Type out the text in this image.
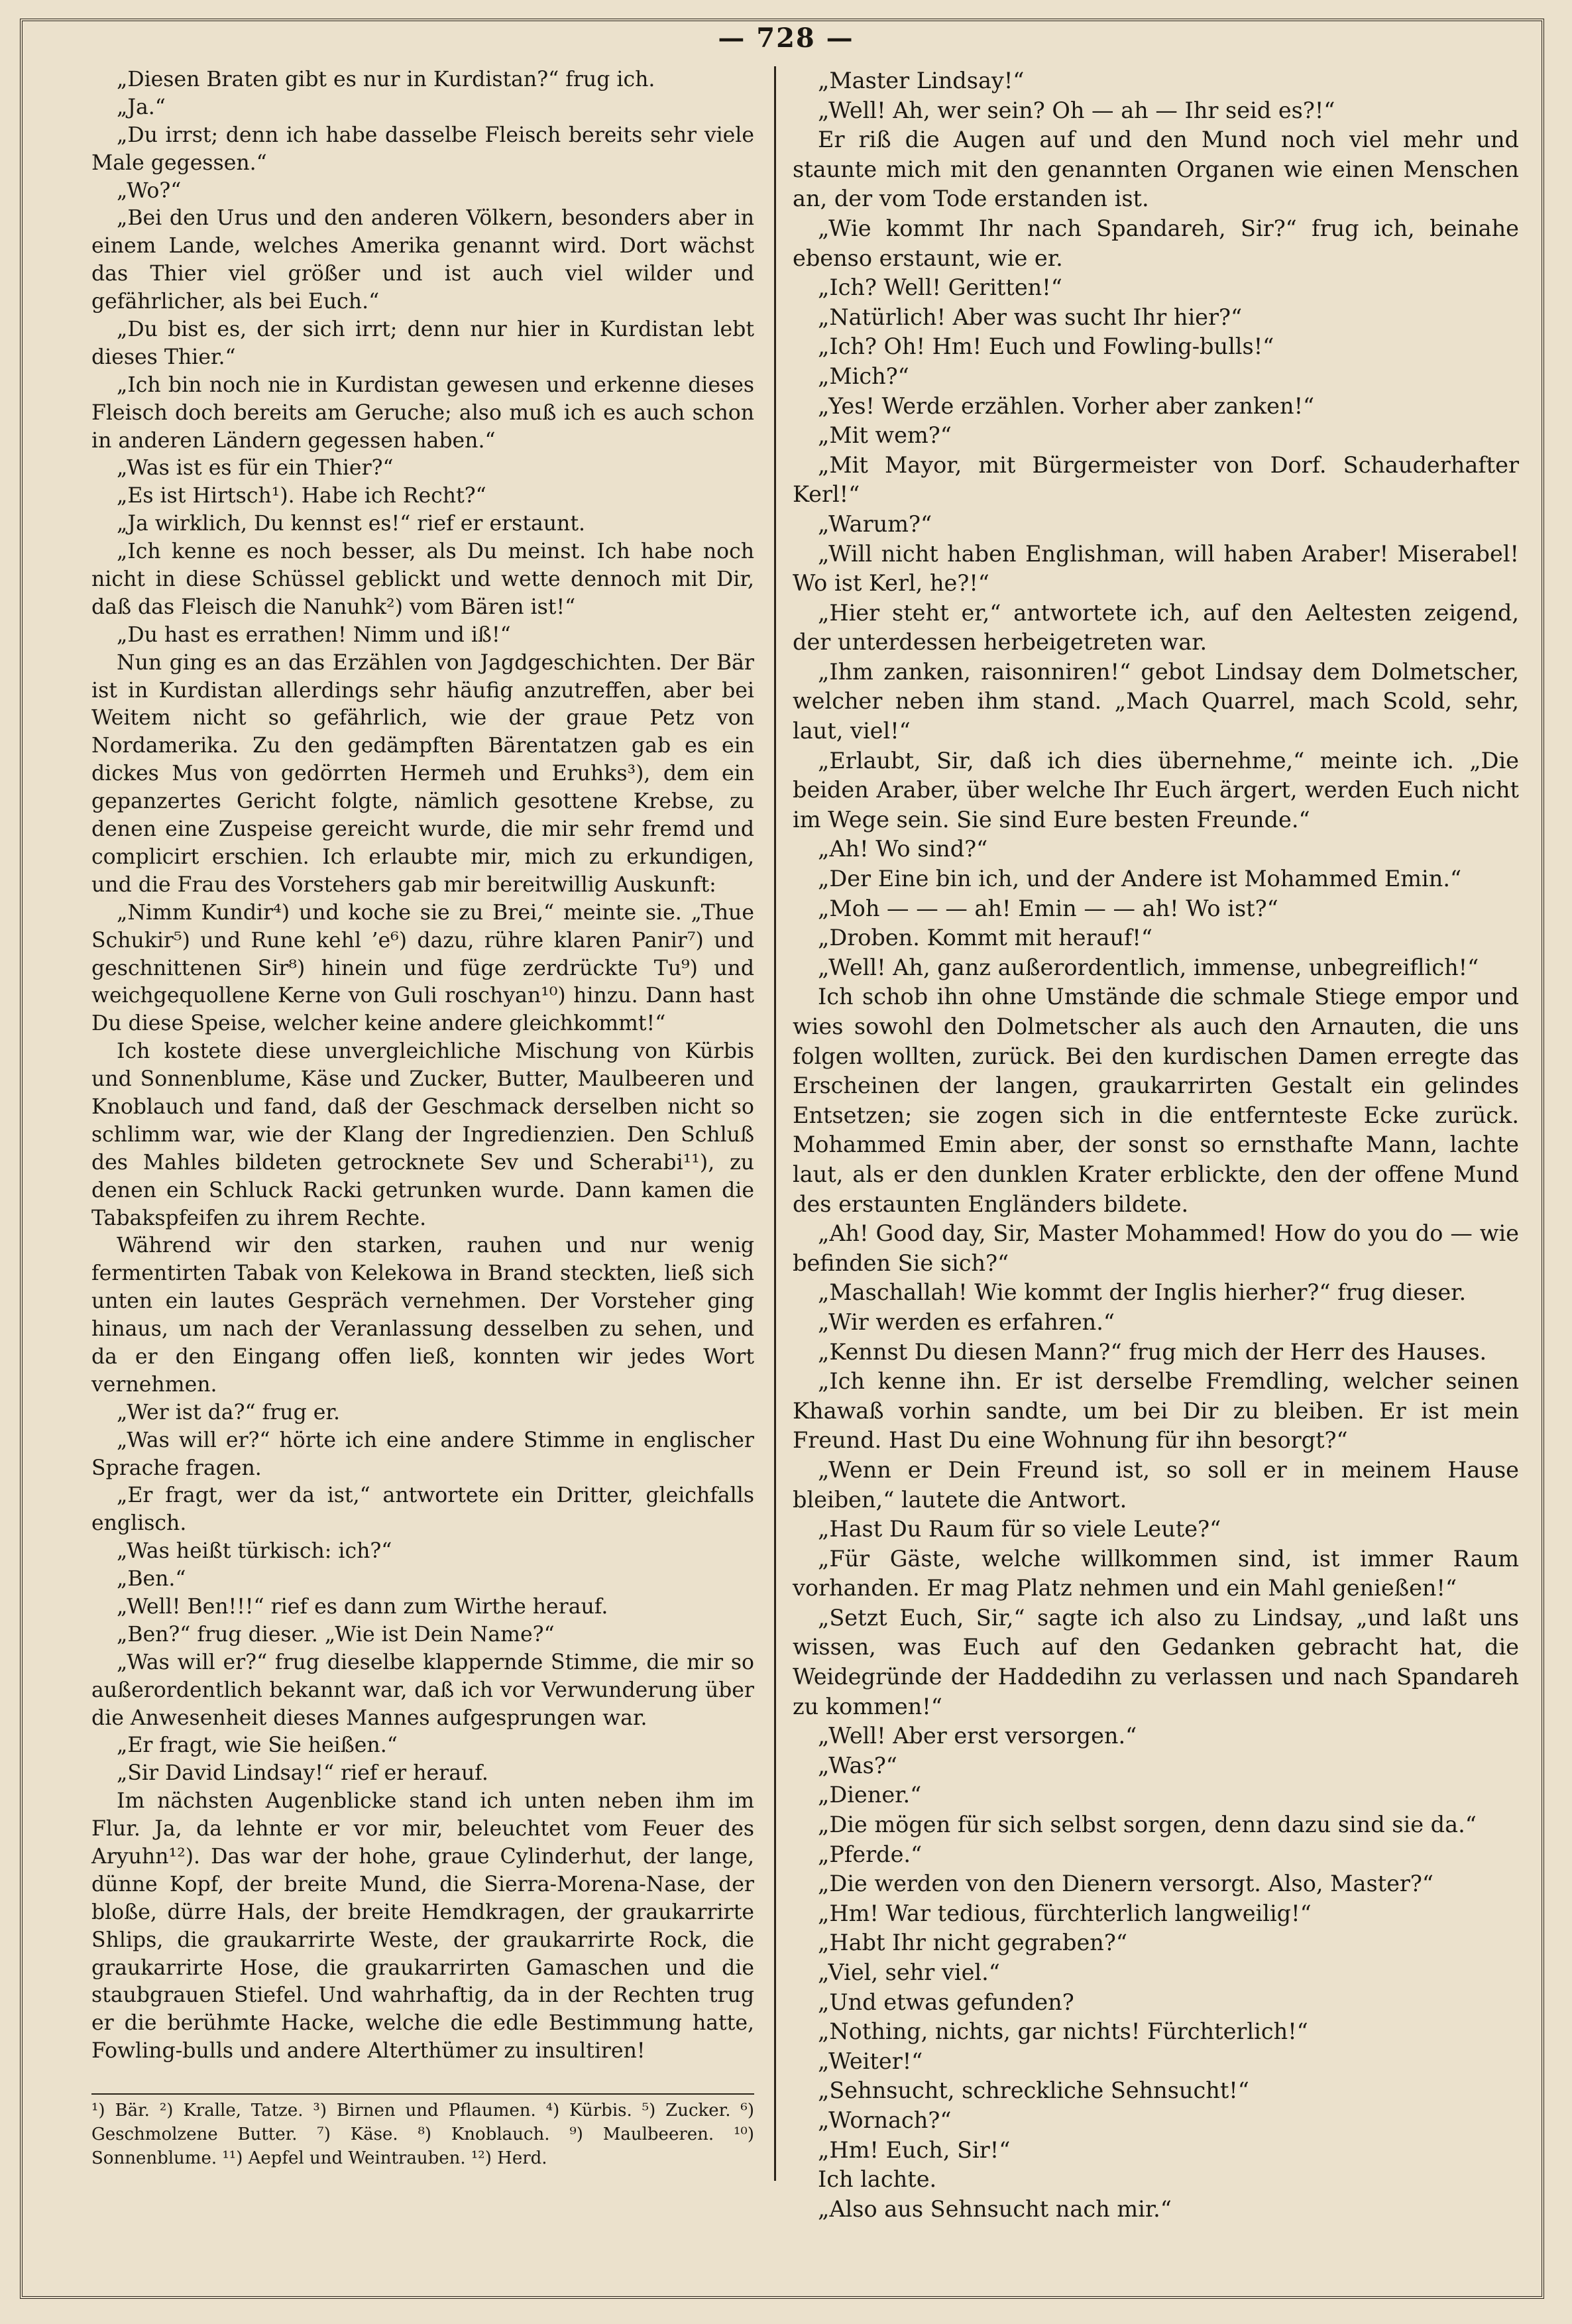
— 728 —

„Diesen Braten gibt es nur in Kurdistan?“ frug ich.

„Ja.“

„Du irrst; denn ich habe dasselbe Fleisch bereits sehr viele Male gegessen.“

„Wo?“

„Bei den Urus und den anderen Völkern, besonders aber in einem Lande, welches Amerika genannt wird. Dort wächst das Thier viel größer und ist auch viel wilder und gefährlicher, als bei Euch.“

„Du bist es, der sich irrt; denn nur hier in Kurdistan lebt dieses Thier.“

„Ich bin noch nie in Kurdistan gewesen und erkenne dieses Fleisch doch bereits am Geruche; also muß ich es auch schon in anderen Ländern gegessen haben.“

„Was ist es für ein Thier?“

„Es ist Hirtsch¹). Habe ich Recht?“

„Ja wirklich, Du kennst es!“ rief er erstaunt.

„Ich kenne es noch besser, als Du meinst. Ich habe noch nicht in diese Schüssel geblickt und wette dennoch mit Dir, daß das Fleisch die Nanuhk²) vom Bären ist!“

„Du hast es errathen! Nimm und iß!“

Nun ging es an das Erzählen von Jagdgeschichten. Der Bär ist in Kurdistan allerdings sehr häufig anzutreffen, aber bei Weitem nicht so gefährlich, wie der graue Petz von Nordamerika. Zu den gedämpften Bärentatzen gab es ein dickes Mus von gedörrten Hermeh und Eruhks³), dem ein gepanzertes Gericht folgte, nämlich gesottene Krebse, zu denen eine Zuspeise gereicht wurde, die mir sehr fremd und complicirt erschien. Ich erlaubte mir, mich zu erkundigen, und die Frau des Vorstehers gab mir bereitwillig Auskunft:

„Nimm Kundir⁴) und koche sie zu Brei,“ meinte sie. „Thue Schukir⁵) und Rune kehl ’e⁶) dazu, rühre klaren Panir⁷) und geschnittenen Sir⁸) hinein und füge zerdrückte Tu⁹) und weichgequollene Kerne von Guli roschyan¹⁰) hinzu. Dann hast Du diese Speise, welcher keine andere gleichkommt!“

Ich kostete diese unvergleichliche Mischung von Kürbis und Sonnenblume, Käse und Zucker, Butter, Maulbeeren und Knoblauch und fand, daß der Geschmack derselben nicht so schlimm war, wie der Klang der Ingredienzien. Den Schluß des Mahles bildeten getrocknete Sev und Scherabi¹¹), zu denen ein Schluck Racki getrunken wurde. Dann kamen die Tabakspfeifen zu ihrem Rechte.

Während wir den starken, rauhen und nur wenig fermentirten Tabak von Kelekowa in Brand steckten, ließ sich unten ein lautes Gespräch vernehmen. Der Vorsteher ging hinaus, um nach der Veranlassung desselben zu sehen, und da er den Eingang offen ließ, konnten wir jedes Wort vernehmen.

„Wer ist da?“ frug er.

„Was will er?“ hörte ich eine andere Stimme in englischer Sprache fragen.

„Er fragt, wer da ist,“ antwortete ein Dritter, gleichfalls englisch.

„Was heißt türkisch: ich?“

„Ben.“

„Well! Ben!!!“ rief es dann zum Wirthe herauf.

„Ben?“ frug dieser. „Wie ist Dein Name?“

„Was will er?“ frug dieselbe klappernde Stimme, die mir so außerordentlich bekannt war, daß ich vor Verwunderung über die Anwesenheit dieses Mannes aufgesprungen war.

„Er fragt, wie Sie heißen.“

„Sir David Lindsay!“ rief er herauf.

Im nächsten Augenblicke stand ich unten neben ihm im Flur. Ja, da lehnte er vor mir, beleuchtet vom Feuer des Aryuhn¹²). Das war der hohe, graue Cylinderhut, der lange, dünne Kopf, der breite Mund, die Sierra-Morena-Nase, der bloße, dürre Hals, der breite Hemdkragen, der graukarrirte Shlips, die graukarrirte Weste, der graukarrirte Rock, die graukarrirte Hose, die graukarrirten Gamaschen und die staubgrauen Stiefel. Und wahrhaftig, da in der Rechten trug er die berühmte Hacke, welche die edle Bestimmung hatte, Fowling-bulls und andere Alterthümer zu insultiren!

„Master Lindsay!“

„Well! Ah, wer sein? Oh — ah — Ihr seid es?!“

Er riß die Augen auf und den Mund noch viel mehr und staunte mich mit den genannten Organen wie einen Menschen an, der vom Tode erstanden ist.

„Wie kommt Ihr nach Spandareh, Sir?“ frug ich, beinahe ebenso erstaunt, wie er.

„Ich? Well! Geritten!“

„Natürlich! Aber was sucht Ihr hier?“

„Ich? Oh! Hm! Euch und Fowling-bulls!“

„Mich?“

„Yes! Werde erzählen. Vorher aber zanken!“

„Mit wem?“

„Mit Mayor, mit Bürgermeister von Dorf. Schauderhafter Kerl!“

„Warum?“

„Will nicht haben Englishman, will haben Araber! Miserabel! Wo ist Kerl, he?!“

„Hier steht er,“ antwortete ich, auf den Aeltesten zeigend, der unterdessen herbeigetreten war.

„Ihm zanken, raisonniren!“ gebot Lindsay dem Dolmetscher, welcher neben ihm stand. „Mach Quarrel, mach Scold, sehr, laut, viel!“

„Erlaubt, Sir, daß ich dies übernehme,“ meinte ich. „Die beiden Araber, über welche Ihr Euch ärgert, werden Euch nicht im Wege sein. Sie sind Eure besten Freunde.“

„Ah! Wo sind?“

„Der Eine bin ich, und der Andere ist Mohammed Emin.“

„Moh — — — ah! Emin — — ah! Wo ist?“

„Droben. Kommt mit herauf!“

„Well! Ah, ganz außerordentlich, immense, unbegreiflich!“

Ich schob ihn ohne Umstände die schmale Stiege empor und wies sowohl den Dolmetscher als auch den Arnauten, die uns folgen wollten, zurück. Bei den kurdischen Damen erregte das Erscheinen der langen, graukarrirten Gestalt ein gelindes Entsetzen; sie zogen sich in die entfernteste Ecke zurück. Mohammed Emin aber, der sonst so ernsthafte Mann, lachte laut, als er den dunklen Krater erblickte, den der offene Mund des erstaunten Engländers bildete.

„Ah! Good day, Sir, Master Mohammed! How do you do — wie befinden Sie sich?“

„Maschallah! Wie kommt der Inglis hierher?“ frug dieser.

„Wir werden es erfahren.“

„Kennst Du diesen Mann?“ frug mich der Herr des Hauses.

„Ich kenne ihn. Er ist derselbe Fremdling, welcher seinen Khawaß vorhin sandte, um bei Dir zu bleiben. Er ist mein Freund. Hast Du eine Wohnung für ihn besorgt?“

„Wenn er Dein Freund ist, so soll er in meinem Hause bleiben,“ lautete die Antwort.

„Hast Du Raum für so viele Leute?“

„Für Gäste, welche willkommen sind, ist immer Raum vorhanden. Er mag Platz nehmen und ein Mahl genießen!“

„Setzt Euch, Sir,“ sagte ich also zu Lindsay, „und laßt uns wissen, was Euch auf den Gedanken gebracht hat, die Weidegründe der Haddedihn zu verlassen und nach Spandareh zu kommen!“

„Well! Aber erst versorgen.“

„Was?“

„Diener.“

„Die mögen für sich selbst sorgen, denn dazu sind sie da.“

„Pferde.“

„Die werden von den Dienern versorgt. Also, Master?“

„Hm! War tedious, fürchterlich langweilig!“

„Habt Ihr nicht gegraben?“

„Viel, sehr viel.“

„Und etwas gefunden?

„Nothing, nichts, gar nichts! Fürchterlich!“

„Weiter!“

„Sehnsucht, schreckliche Sehnsucht!“

„Wornach?“

„Hm! Euch, Sir!“

Ich lachte.

„Also aus Sehnsucht nach mir.“

¹) Bär. ²) Kralle, Tatze. ³) Birnen und Pflaumen. ⁴) Kürbis. ⁵) Zucker. ⁶) Geschmolzene Butter. ⁷) Käse. ⁸) Knoblauch. ⁹) Maulbeeren. ¹⁰) Sonnenblume. ¹¹) Aepfel und Weintrauben. ¹²) Herd.
